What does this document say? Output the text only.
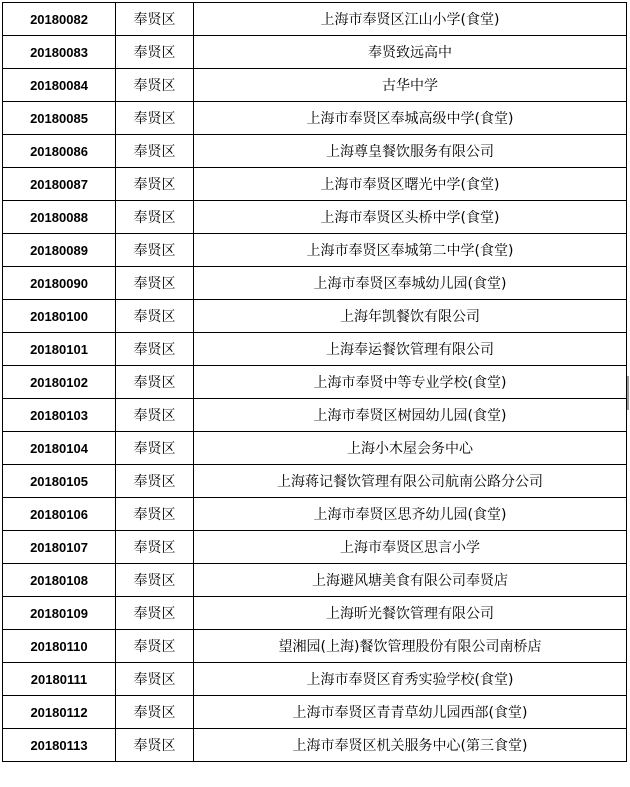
20180082	奉贤区	上海市奉贤区江山小学(食堂)
20180083	奉贤区	奉贤致远高中
20180084	奉贤区	古华中学
20180085	奉贤区	上海市奉贤区奉城高级中学(食堂)
20180086	奉贤区	上海尊皇餐饮服务有限公司
20180087	奉贤区	上海市奉贤区曙光中学(食堂)
20180088	奉贤区	上海市奉贤区头桥中学(食堂)
20180089	奉贤区	上海市奉贤区奉城第二中学(食堂)
20180090	奉贤区	上海市奉贤区奉城幼儿园(食堂)
20180100	奉贤区	上海年凯餐饮有限公司
20180101	奉贤区	上海奉运餐饮管理有限公司
20180102	奉贤区	上海市奉贤中等专业学校(食堂)
20180103	奉贤区	上海市奉贤区树园幼儿园(食堂)
20180104	奉贤区	上海小木屋会务中心
20180105	奉贤区	上海蒋记餐饮管理有限公司航南公路分公司
20180106	奉贤区	上海市奉贤区思齐幼儿园(食堂)
20180107	奉贤区	上海市奉贤区思言小学
20180108	奉贤区	上海避风塘美食有限公司奉贤店
20180109	奉贤区	上海昕光餐饮管理有限公司
20180110	奉贤区	望湘园(上海)餐饮管理股份有限公司南桥店
20180111	奉贤区	上海市奉贤区育秀实验学校(食堂)
20180112	奉贤区	上海市奉贤区青青草幼儿园西部(食堂)
20180113	奉贤区	上海市奉贤区机关服务中心(第三食堂)
